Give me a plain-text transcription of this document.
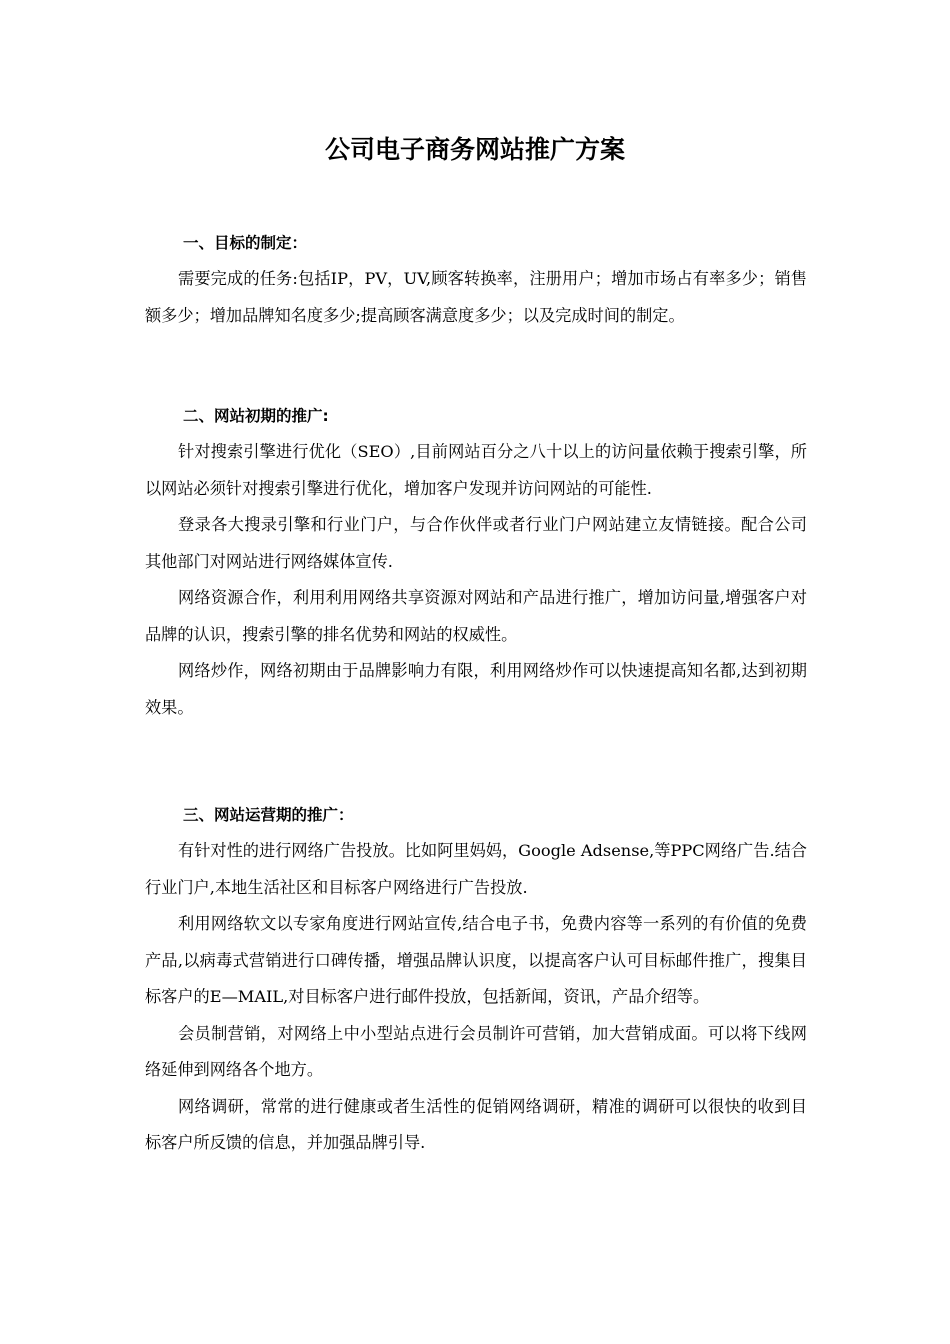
公司电子商务网站推广方案

一、目标的制定：

需要完成的任务:包括IP，PV，UV,顾客转换率，注册用户；增加市场占有率多少；销售额多少；增加品牌知名度多少;提高顾客满意度多少；以及完成时间的制定。

二、网站初期的推广:

针对搜索引擎进行优化（SEO）,目前网站百分之八十以上的访问量依赖于搜索引擎，所以网站必须针对搜索引擎进行优化，增加客户发现并访问网站的可能性.

登录各大搜录引擎和行业门户，与合作伙伴或者行业门户网站建立友情链接。配合公司其他部门对网站进行网络媒体宣传.

网络资源合作，利用利用网络共享资源对网站和产品进行推广，增加访问量,增强客户对品牌的认识，搜索引擎的排名优势和网站的权威性。

网络炒作，网络初期由于品牌影响力有限，利用网络炒作可以快速提高知名都,达到初期效果。

三、网站运营期的推广：

有针对性的进行网络广告投放。比如阿里妈妈，Google Adsense,等PPC网络广告.结合行业门户,本地生活社区和目标客户网络进行广告投放.

利用网络软文以专家角度进行网站宣传,结合电子书，免费内容等一系列的有价值的免费产品,以病毒式营销进行口碑传播，增强品牌认识度，以提高客户认可目标邮件推广，搜集目标客户的E—MAIL,对目标客户进行邮件投放，包括新闻，资讯，产品介绍等。

会员制营销，对网络上中小型站点进行会员制许可营销，加大营销成面。可以将下线网络延伸到网络各个地方。

网络调研，常常的进行健康或者生活性的促销网络调研，精准的调研可以很快的收到目标客户所反馈的信息，并加强品牌引导.
